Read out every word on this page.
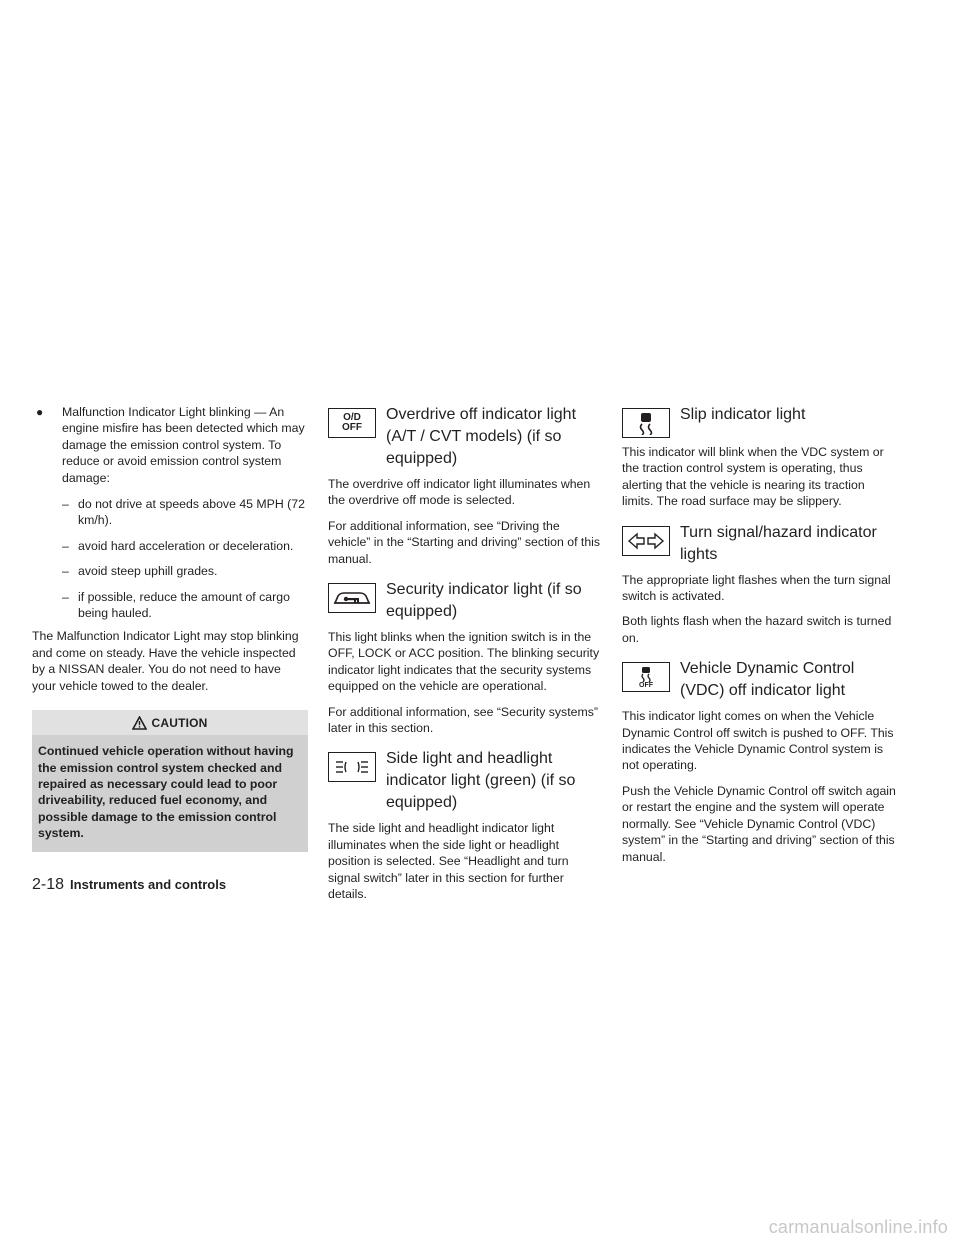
● Malfunction Indicator Light blinking — An engine misfire has been detected which may damage the emission control system. To reduce or avoid emission control system damage:
– do not drive at speeds above 45 MPH (72 km/h).
– avoid hard acceleration or deceleration.
– avoid steep uphill grades.
– if possible, reduce the amount of cargo being hauled.

The Malfunction Indicator Light may stop blinking and come on steady. Have the vehicle inspected by a NISSAN dealer. You do not need to have your vehicle towed to the dealer.

CAUTION
Continued vehicle operation without having the emission control system checked and repaired as necessary could lead to poor driveability, reduced fuel economy, and possible damage to the emission control system.
O/D
OFF
Overdrive off indicator light (A/T / CVT models) (if so equipped)

The overdrive off indicator light illuminates when the overdrive off mode is selected.

For additional information, see “Driving the vehicle” in the “Starting and driving” section of this manual.

Security indicator light (if so equipped)

This light blinks when the ignition switch is in the OFF, LOCK or ACC position. The blinking security indicator light indicates that the security systems equipped on the vehicle are operational.

For additional information, see “Security systems” later in this section.

Side light and headlight indicator light (green) (if so equipped)

The side light and headlight indicator light illuminates when the side light or headlight position is selected. See “Headlight and turn signal switch” later in this section for further details.

Slip indicator light

This indicator will blink when the VDC system or the traction control system is operating, thus alerting that the vehicle is nearing its traction limits. The road surface may be slippery.

Turn signal/hazard indicator lights

The appropriate light flashes when the turn signal switch is activated.

Both lights flash when the hazard switch is turned on.

OFF
Vehicle Dynamic Control (VDC) off indicator light

This indicator light comes on when the Vehicle Dynamic Control off switch is pushed to OFF. This indicates the Vehicle Dynamic Control system is not operating.

Push the Vehicle Dynamic Control off switch again or restart the engine and the system will operate normally. See “Vehicle Dynamic Control (VDC) system” in the “Starting and driving” section of this manual.

2-18 Instruments and controls
carmanualsonline.info
